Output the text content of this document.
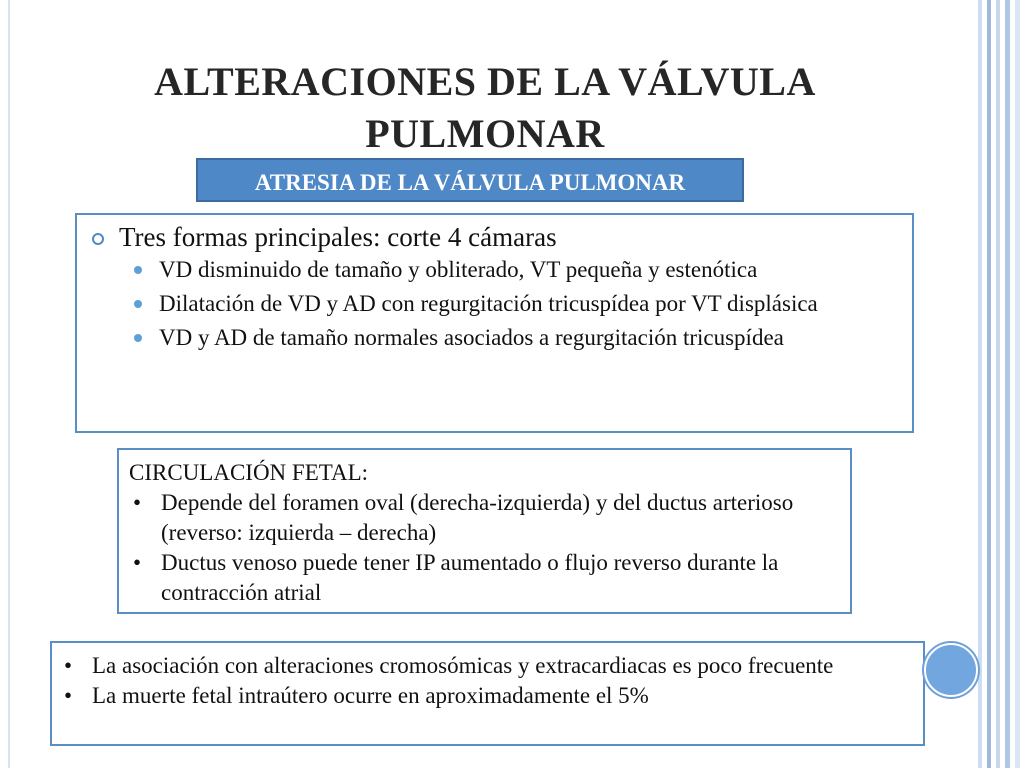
ALTERACIONES DE LA VÁLVULA
PULMONAR
ATRESIA DE LA VÁLVULA PULMONAR
Tres formas principales: corte 4 cámaras
VD disminuido de tamaño y obliterado, VT pequeña y estenótica
Dilatación de VD y AD con regurgitación tricuspídea por VT displásica
VD y AD de tamaño normales asociados a regurgitación tricuspídea
CIRCULACIÓN FETAL:
• Depende del foramen oval (derecha-izquierda) y del ductus arterioso (reverso: izquierda – derecha)
• Ductus venoso puede tener IP aumentado o flujo reverso durante la contracción atrial
• La asociación con alteraciones cromosómicas y extracardiacas es poco frecuente
• La muerte fetal intraútero ocurre en aproximadamente el 5%
